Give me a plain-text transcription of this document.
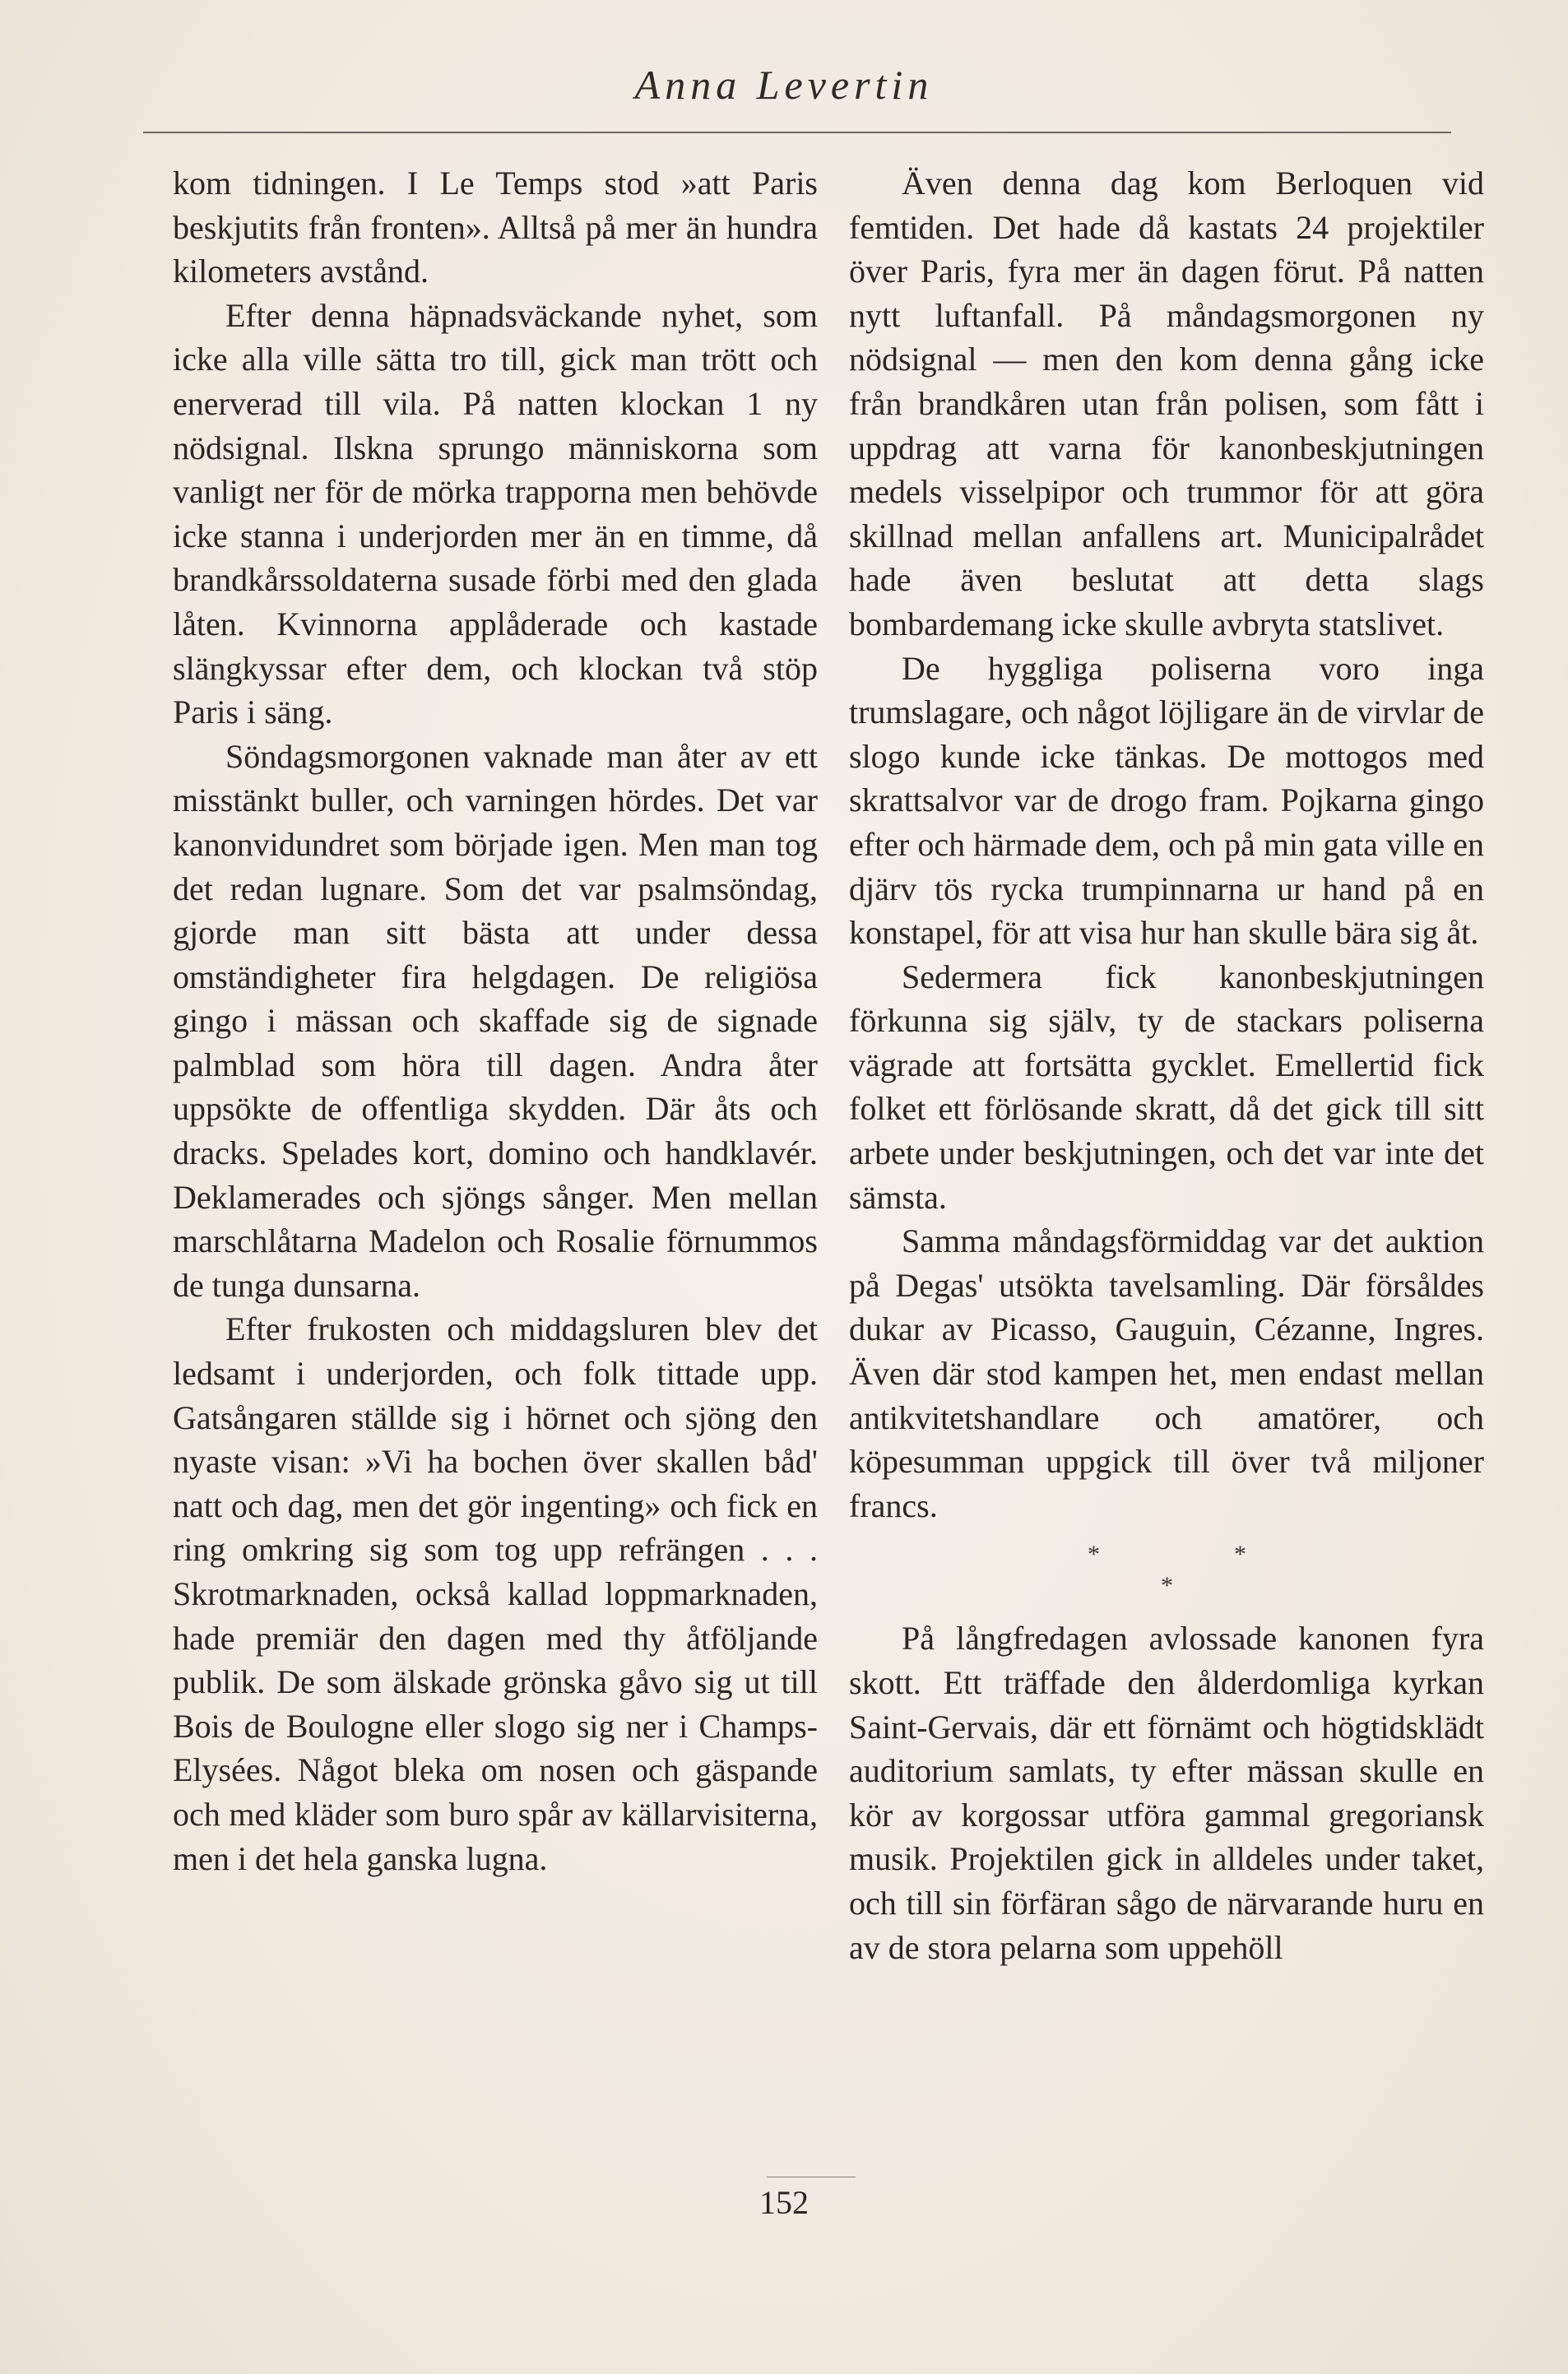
Anna Levertin

kom tidningen. I Le Temps stod »att Paris beskjutits från fronten». Alltså på mer än hundra kilometers avstånd.

Efter denna häpnadsväckande nyhet, som icke alla ville sätta tro till, gick man trött och enerverad till vila. På natten klockan 1 ny nödsignal. Ilskna sprungo människorna som vanligt ner för de mörka trapporna men behövde icke stanna i underjorden mer än en timme, då brandkårssoldaterna susade förbi med den glada låten. Kvinnorna applåderade och kastade slängkyssar efter dem, och klockan två stöp Paris i säng.

Söndagsmorgonen vaknade man åter av ett misstänkt buller, och varningen hördes. Det var kanonvidundret som började igen. Men man tog det redan lugnare. Som det var psalmsöndag, gjorde man sitt bästa att under dessa omständigheter fira helgdagen. De religiösa gingo i mässan och skaffade sig de signade palmblad som höra till dagen. Andra åter uppsökte de offentliga skydden. Där åts och dracks. Spelades kort, domino och handklavér. Deklamerades och sjöngs sånger. Men mellan marschlåtarna Madelon och Rosalie förnummos de tunga dunsarna.

Efter frukosten och middagsluren blev det ledsamt i underjorden, och folk tittade upp. Gatsångaren ställde sig i hörnet och sjöng den nyaste visan: »Vi ha bochen över skallen båd' natt och dag, men det gör ingenting» och fick en ring omkring sig som tog upp refrängen . . . Skrotmarknaden, också kallad loppmarknaden, hade premiär den dagen med thy åtföljande publik. De som älskade grönska gåvo sig ut till Bois de Boulogne eller slogo sig ner i Champs-Elysées. Något bleka om nosen och gäspande och med kläder som buro spår av källarvisiterna, men i det hela ganska lugna.

Även denna dag kom Berloquen vid femtiden. Det hade då kastats 24 projektiler över Paris, fyra mer än dagen förut. På natten nytt luftanfall. På måndagsmorgonen ny nödsignal — men den kom denna gång icke från brandkåren utan från polisen, som fått i uppdrag att varna för kanonbeskjutningen medels visselpipor och trummor för att göra skillnad mellan anfallens art. Municipalrådet hade även beslutat att detta slags bombardemang icke skulle avbryta statslivet.

De hyggliga poliserna voro inga trumslagare, och något löjligare än de virvlar de slogo kunde icke tänkas. De mottogos med skrattsalvor var de drogo fram. Pojkarna gingo efter och härmade dem, och på min gata ville en djärv tös rycka trumpinnarna ur hand på en konstapel, för att visa hur han skulle bära sig åt.

Sedermera fick kanonbeskjutningen förkunna sig själv, ty de stackars poliserna vägrade att fortsätta gycklet. Emellertid fick folket ett förlösande skratt, då det gick till sitt arbete under beskjutningen, och det var inte det sämsta.

Samma måndagsförmiddag var det auktion på Degas' utsökta tavelsamling. Där försåldes dukar av Picasso, Gauguin, Cézanne, Ingres. Även där stod kampen het, men endast mellan antikvitetshandlare och amatörer, och köpesumman uppgick till över två miljoner francs.

*	*
*

På långfredagen avlossade kanonen fyra skott. Ett träffade den ålderdomliga kyrkan Saint-Gervais, där ett förnämt och högtidsklädt auditorium samlats, ty efter mässan skulle en kör av korgossar utföra gammal gregoriansk musik. Projektilen gick in alldeles under taket, och till sin förfäran sågo de närvarande huru en av de stora pelarna som uppehöll

152
